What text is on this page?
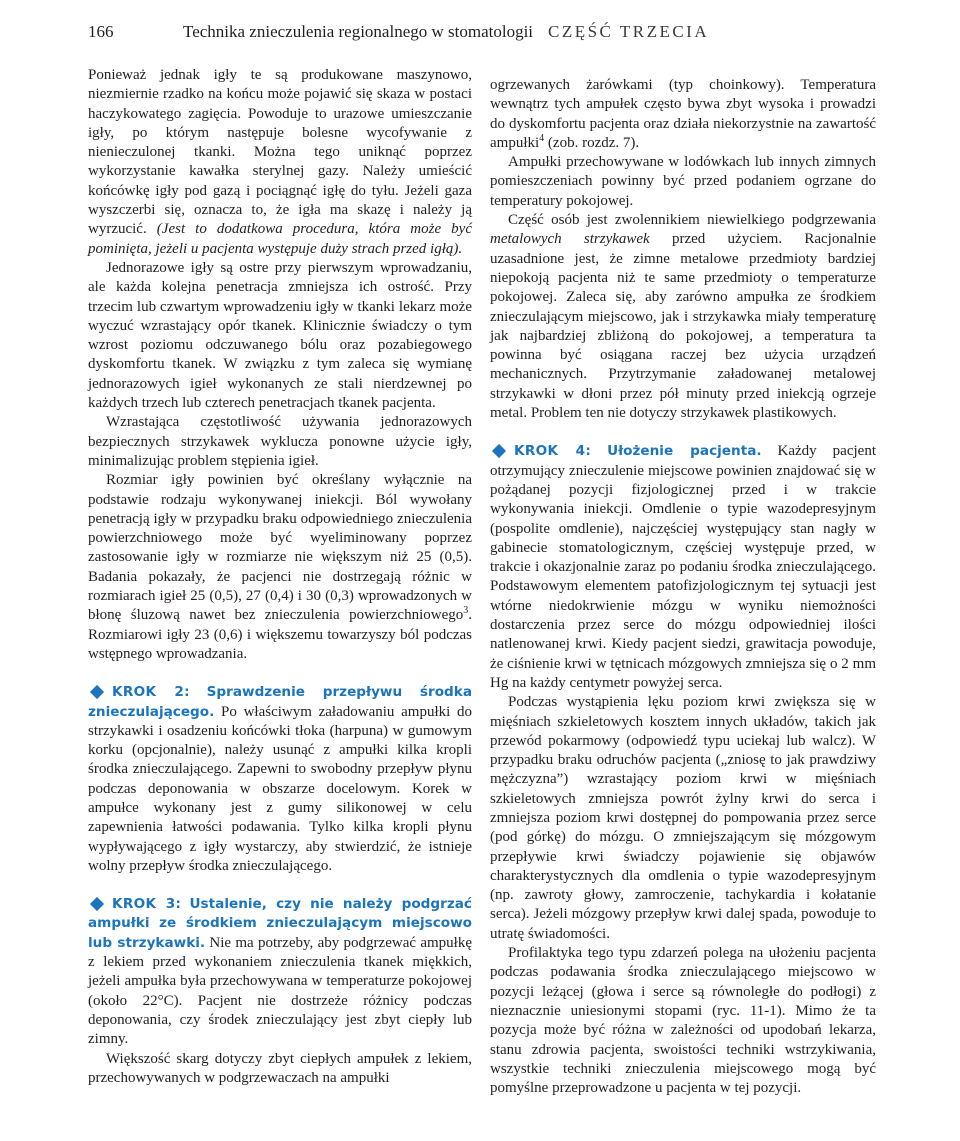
166	Technika znieczulenia regionalnego w stomatologii CZĘŚĆ TRZECIA

Ponieważ jednak igły te są produkowane maszynowo, niezmiernie rzadko na końcu może pojawić się skaza w postaci haczykowatego zagięcia. Powoduje to urazowe umieszczanie igły, po którym następuje bolesne wycofywanie z nienieczulonej tkanki. Można tego uniknąć poprzez wykorzystanie kawałka sterylnej gazy. Należy umieścić końcówkę igły pod gazą i pociągnąć igłę do tyłu. Jeżeli gaza wyszczerbi się, oznacza to, że igła ma skazę i należy ją wyrzucić. (Jest to dodatkowa procedura, która może być pominięta, jeżeli u pacjenta występuje duży strach przed igłą).

Jednorazowe igły są ostre przy pierwszym wprowadzaniu, ale każda kolejna penetracja zmniejsza ich ostrość. Przy trzecim lub czwartym wprowadzeniu igły w tkanki lekarz może wyczuć wzrastający opór tkanek. Klinicznie świadczy o tym wzrost poziomu odczuwanego bólu oraz pozabiegowego dyskomfortu tkanek. W związku z tym zaleca się wymianę jednorazowych igieł wykonanych ze stali nierdzewnej po każdych trzech lub czterech penetracjach tkanek pacjenta.

Wzrastająca częstotliwość używania jednorazowych bezpiecznych strzykawek wyklucza ponowne użycie igły, minimalizując problem stępienia igieł.

Rozmiar igły powinien być określany wyłącznie na podstawie rodzaju wykonywanej iniekcji. Ból wywołany penetracją igły w przypadku braku odpowiedniego znieczulenia powierzchniowego może być wyeliminowany poprzez zastosowanie igły w rozmiarze nie większym niż 25 (0,5). Badania pokazały, że pacjenci nie dostrzegają różnic w rozmiarach igieł 25 (0,5), 27 (0,4) i 30 (0,3) wprowadzonych w błonę śluzową nawet bez znieczulenia powierzchniowego$^3$. Rozmiarowi igły 23 (0,6) i większemu towarzyszy ból podczas wstępnego wprowadzania.

KROK 2: Sprawdzenie przepływu środka znieczulającego. Po właściwym załadowaniu ampułki do strzykawki i osadzeniu końcówki tłoka (harpuna) w gumowym korku (opcjonalnie), należy usunąć z ampułki kilka kropli środka znieczulającego. Zapewni to swobodny przepływ płynu podczas deponowania w obszarze docelowym. Korek w ampułce wykonany jest z gumy silikonowej w celu zapewnienia łatwości podawania. Tylko kilka kropli płynu wypływającego z igły wystarczy, aby stwierdzić, że istnieje wolny przepływ środka znieczulającego.

KROK 3: Ustalenie, czy nie należy podgrzać ampułki ze środkiem znieczulającym miejscowo lub strzykawki. Nie ma potrzeby, aby podgrzewać ampułkę z lekiem przed wykonaniem znieczulenia tkanek miękkich, jeżeli ampułka była przechowywana w temperaturze pokojowej (około 22°C). Pacjent nie dostrzeże różnicy podczas deponowania, czy środek znieczulający jest zbyt ciepły lub zimny.

Większość skarg dotyczy zbyt ciepłych ampułek z lekiem, przechowywanych w podgrzewaczach na ampułki

ogrzewanych żarówkami (typ choinkowy). Temperatura wewnątrz tych ampułek często bywa zbyt wysoka i prowadzi do dyskomfortu pacjenta oraz działa niekorzystnie na zawartość ampułki$^4$ (zob. rozdz. 7).

Ampułki przechowywane w lodówkach lub innych zimnych pomieszczeniach powinny być przed podaniem ogrzane do temperatury pokojowej.

Część osób jest zwolennikiem niewielkiego podgrzewania metalowych strzykawek przed użyciem. Racjonalnie uzasadnione jest, że zimne metalowe przedmioty bardziej niepokoją pacjenta niż te same przedmioty o temperaturze pokojowej. Zaleca się, aby zarówno ampułka ze środkiem znieczulającym miejscowo, jak i strzykawka miały temperaturę jak najbardziej zbliżoną do pokojowej, a temperatura ta powinna być osiągana raczej bez użycia urządzeń mechanicznych. Przytrzymanie załadowanej metalowej strzykawki w dłoni przez pół minuty przed iniekcją ogrzeje metal. Problem ten nie dotyczy strzykawek plastikowych.

KROK 4: Ułożenie pacjenta. Każdy pacjent otrzymujący znieczulenie miejscowe powinien znajdować się w pożądanej pozycji fizjologicznej przed i w trakcie wykonywania iniekcji. Omdlenie o typie wazodepresyjnym (pospolite omdlenie), najczęściej występujący stan nagły w gabinecie stomatologicznym, częściej występuje przed, w trakcie i okazjonalnie zaraz po podaniu środka znieczulającego. Podstawowym elementem patofizjologicznym tej sytuacji jest wtórne niedokrwienie mózgu w wyniku niemożności dostarczenia przez serce do mózgu odpowiedniej ilości natlenowanej krwi. Kiedy pacjent siedzi, grawitacja powoduje, że ciśnienie krwi w tętnicach mózgowych zmniejsza się o 2 mm Hg na każdy centymetr powyżej serca.

Podczas wystąpienia lęku poziom krwi zwiększa się w mięśniach szkieletowych kosztem innych układów, takich jak przewód pokarmowy (odpowiedź typu uciekaj lub walcz). W przypadku braku odruchów pacjenta („zniosę to jak prawdziwy mężczyzna”) wzrastający poziom krwi w mięśniach szkieletowych zmniejsza powrót żylny krwi do serca i zmniejsza poziom krwi dostępnej do pompowania przez serce (pod górkę) do mózgu. O zmniejszającym się mózgowym przepływie krwi świadczy pojawienie się objawów charakterystycznych dla omdlenia o typie wazodepresyjnym (np. zawroty głowy, zamroczenie, tachykardia i kołatanie serca). Jeżeli mózgowy przepływ krwi dalej spada, powoduje to utratę świadomości.

Profilaktyka tego typu zdarzeń polega na ułożeniu pacjenta podczas podawania środka znieczulającego miejscowo w pozycji leżącej (głowa i serce są równoległe do podłogi) z nieznacznie uniesionymi stopami (ryc. 11-1). Mimo że ta pozycja może być różna w zależności od upodobań lekarza, stanu zdrowia pacjenta, swoistości techniki wstrzykiwania, wszystkie techniki znieczulenia miejscowego mogą być pomyślne przeprowadzone u pacjenta w tej pozycji.
